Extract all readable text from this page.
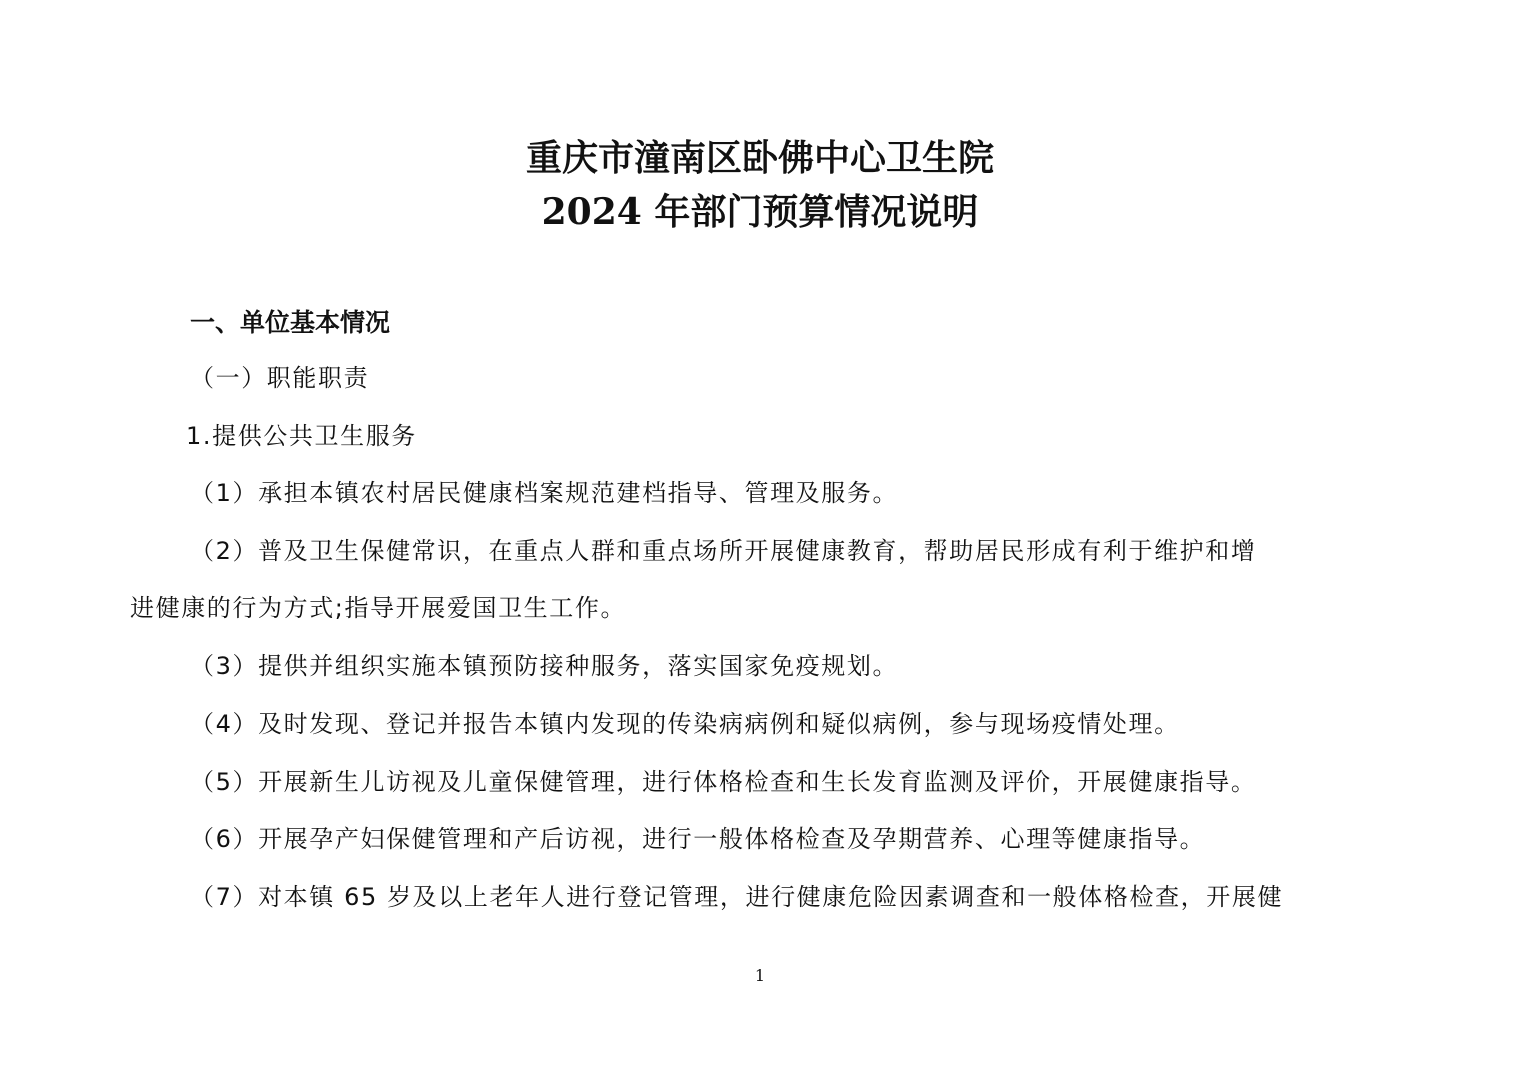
重庆市潼南区卧佛中心卫生院
2024 年部门预算情况说明
一、单位基本情况
（一）职能职责
1.提供公共卫生服务
（1）承担本镇农村居民健康档案规范建档指导、管理及服务。
（2）普及卫生保健常识，在重点人群和重点场所开展健康教育，帮助居民形成有利于维护和增
进健康的行为方式;指导开展爱国卫生工作。
（3）提供并组织实施本镇预防接种服务，落实国家免疫规划。
（4）及时发现、登记并报告本镇内发现的传染病病例和疑似病例，参与现场疫情处理。
（5）开展新生儿访视及儿童保健管理，进行体格检查和生长发育监测及评价，开展健康指导。
（6）开展孕产妇保健管理和产后访视，进行一般体格检查及孕期营养、心理等健康指导。
（7）对本镇 65 岁及以上老年人进行登记管理，进行健康危险因素调查和一般体格检查，开展健
1
